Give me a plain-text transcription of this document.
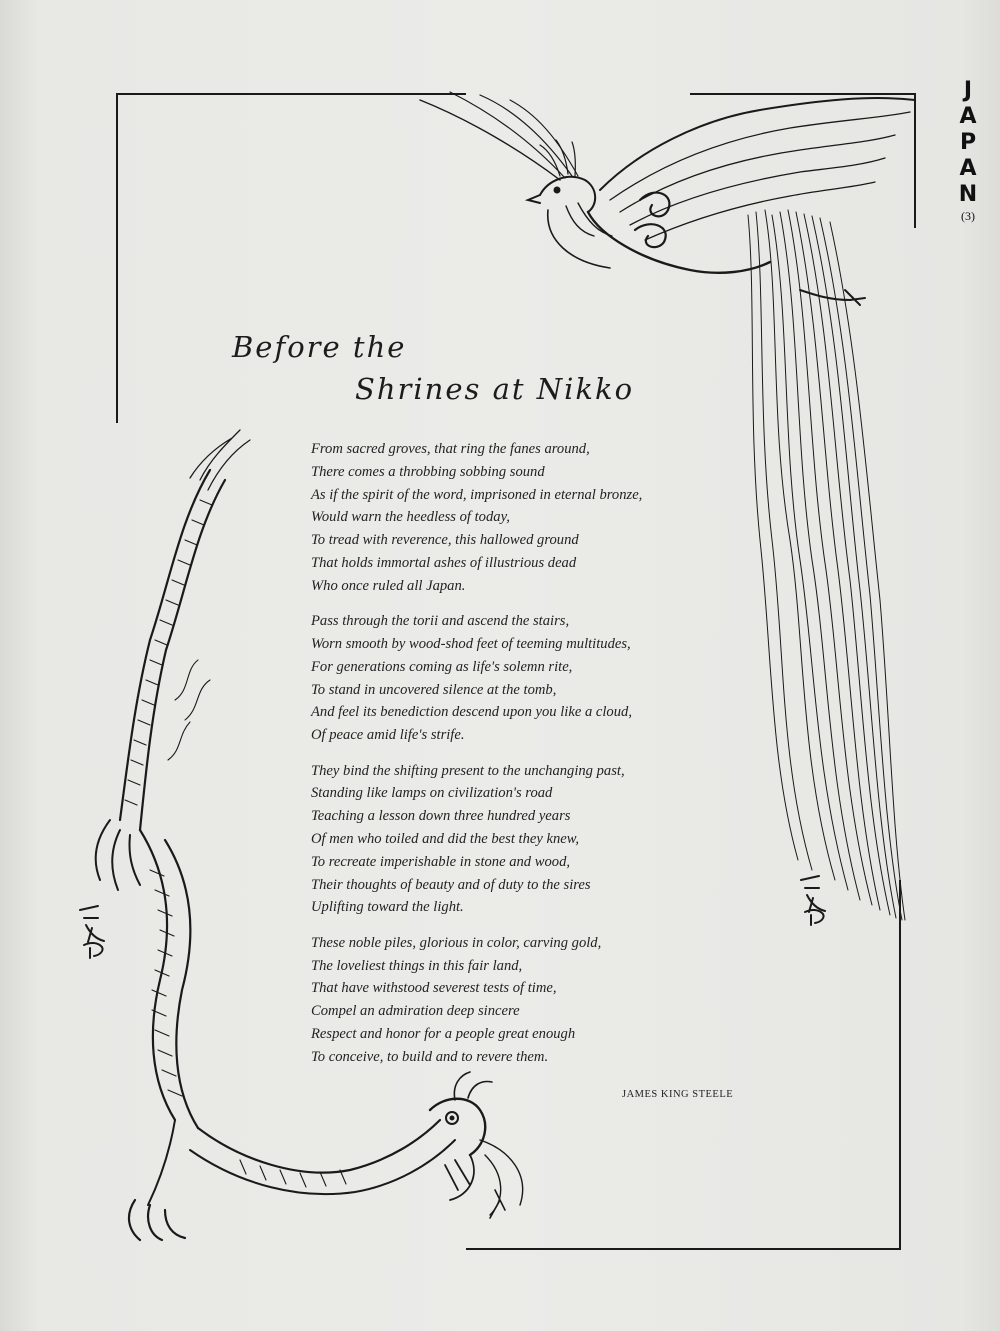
J
A
P
A
N
(3)
Before the
Shrines at Nikko
From sacred groves, that ring the fanes around,
There comes a throbbing sobbing sound
As if the spirit of the word, imprisoned in eternal bronze,
Would warn the heedless of today,
To tread with reverence, this hallowed ground
That holds immortal ashes of illustrious dead
Who once ruled all Japan.
Pass through the torii and ascend the stairs,
Worn smooth by wood-shod feet of teeming multitudes,
For generations coming as life's solemn rite,
To stand in uncovered silence at the tomb,
And feel its benediction descend upon you like a cloud,
Of peace amid life's strife.
They bind the shifting present to the unchanging past,
Standing like lamps on civilization's road
Teaching a lesson down three hundred years
Of men who toiled and did the best they knew,
To recreate imperishable in stone and wood,
Their thoughts of beauty and of duty to the sires
Uplifting toward the light.
These noble piles, glorious in color, carving gold,
The loveliest things in this fair land,
That have withstood severest tests of time,
Compel an admiration deep sincere
Respect and honor for a people great enough
To conceive, to build and to revere them.
JAMES KING STEELE
